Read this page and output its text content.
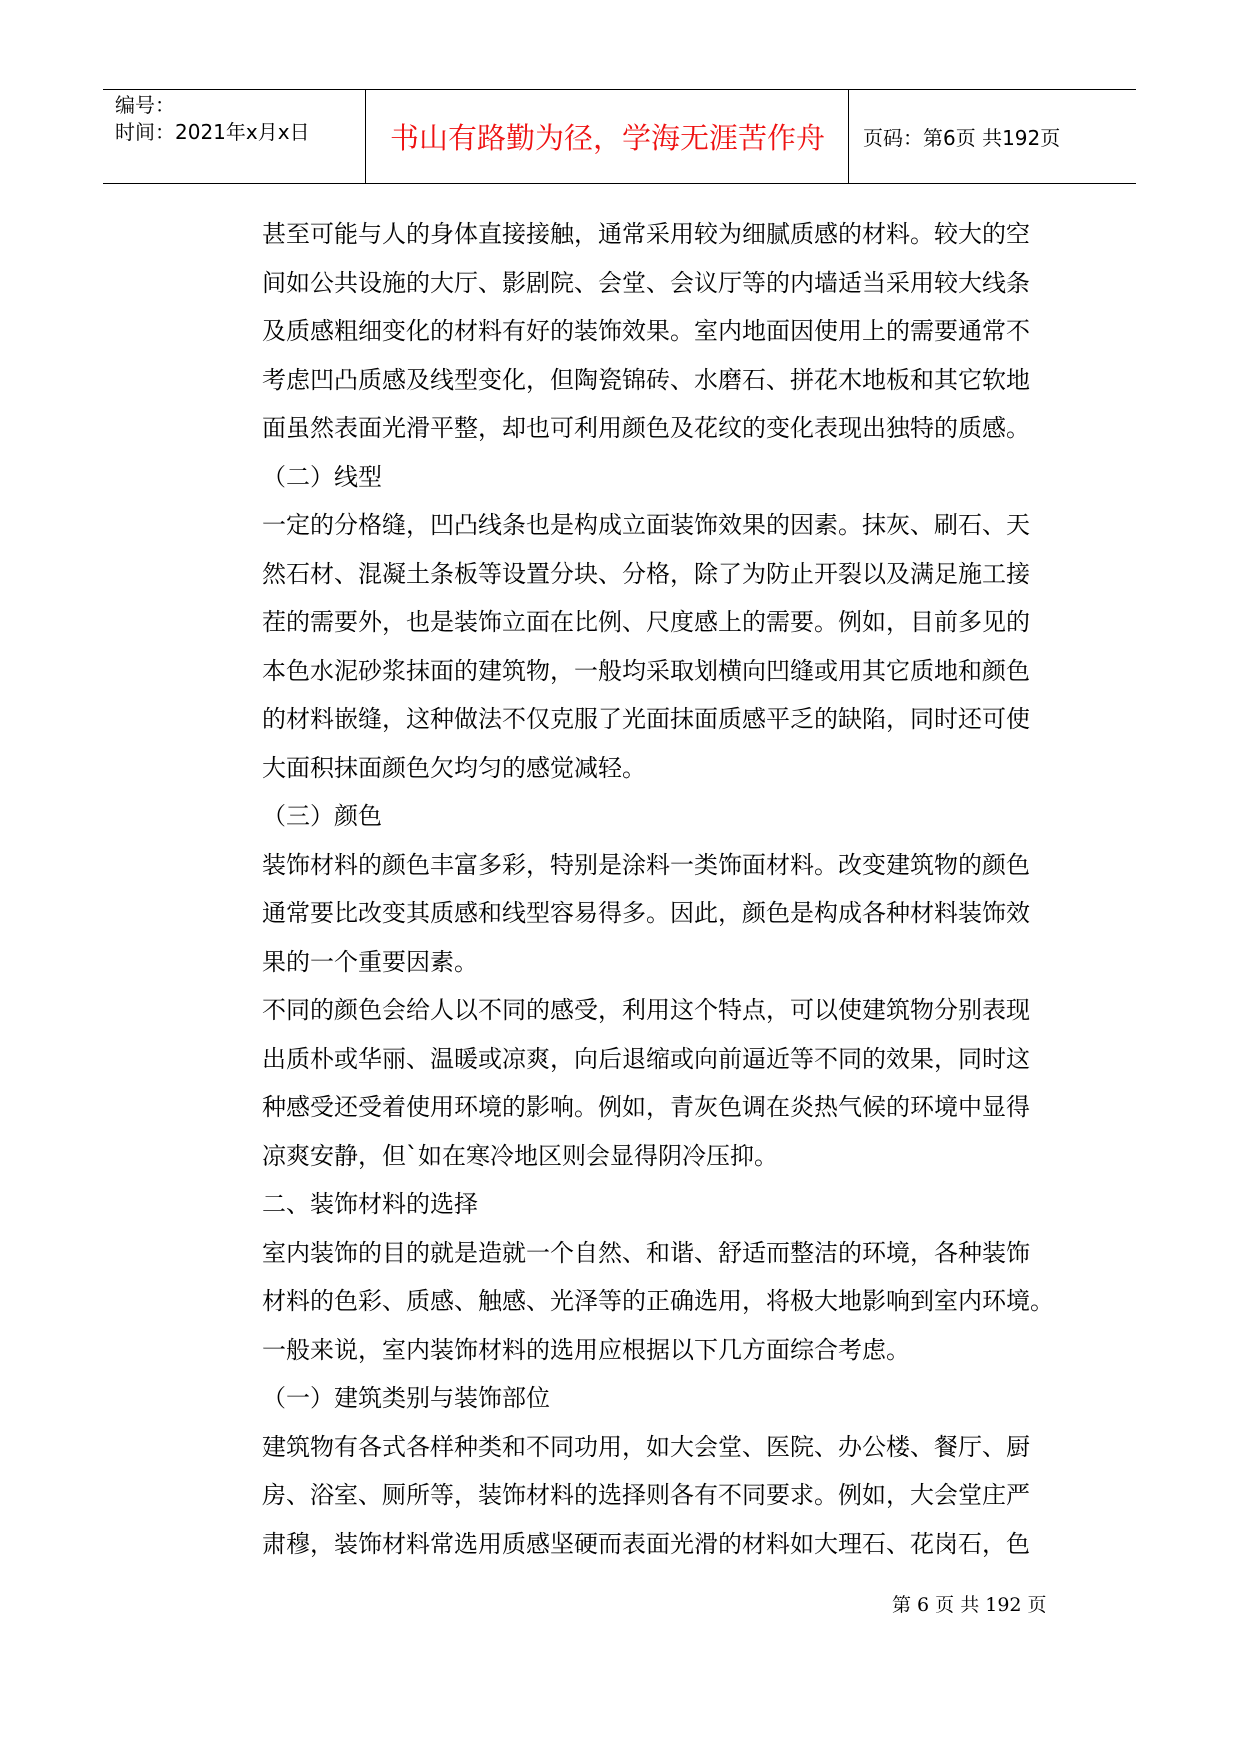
编号：
时间：2021年x月x日	书山有路勤为径，学海无涯苦作舟	页码：第6页 共192页

甚至可能与人的身体直接接触，通常采用较为细腻质感的材料。较大的空

间如公共设施的大厅、影剧院、会堂、会议厅等的内墙适当采用较大线条

及质感粗细变化的材料有好的装饰效果。室内地面因使用上的需要通常不

考虑凹凸质感及线型变化，但陶瓷锦砖、水磨石、拼花木地板和其它软地

面虽然表面光滑平整，却也可利用颜色及花纹的变化表现出独特的质感。

（二）线型

一定的分格缝，凹凸线条也是构成立面装饰效果的因素。抹灰、刷石、天

然石材、混凝土条板等设置分块、分格，除了为防止开裂以及满足施工接

茬的需要外，也是装饰立面在比例、尺度感上的需要。例如，目前多见的

本色水泥砂浆抹面的建筑物，一般均采取划横向凹缝或用其它质地和颜色

的材料嵌缝，这种做法不仅克服了光面抹面质感平乏的缺陷，同时还可使

大面积抹面颜色欠均匀的感觉减轻。

（三）颜色

装饰材料的颜色丰富多彩，特别是涂料一类饰面材料。改变建筑物的颜色

通常要比改变其质感和线型容易得多。因此，颜色是构成各种材料装饰效

果的一个重要因素。

不同的颜色会给人以不同的感受，利用这个特点，可以使建筑物分别表现

出质朴或华丽、温暖或凉爽，向后退缩或向前逼近等不同的效果，同时这

种感受还受着使用环境的影响。例如，青灰色调在炎热气候的环境中显得

凉爽安静，但`如在寒冷地区则会显得阴冷压抑。

二、装饰材料的选择

室内装饰的目的就是造就一个自然、和谐、舒适而整洁的环境，各种装饰

材料的色彩、质感、触感、光泽等的正确选用，将极大地影响到室内环境。

一般来说，室内装饰材料的选用应根据以下几方面综合考虑。

（一）建筑类别与装饰部位

建筑物有各式各样种类和不同功用，如大会堂、医院、办公楼、餐厅、厨

房、浴室、厕所等，装饰材料的选择则各有不同要求。例如，大会堂庄严

肃穆，装饰材料常选用质感坚硬而表面光滑的材料如大理石、花岗石，色

第 6 页 共 192 页
